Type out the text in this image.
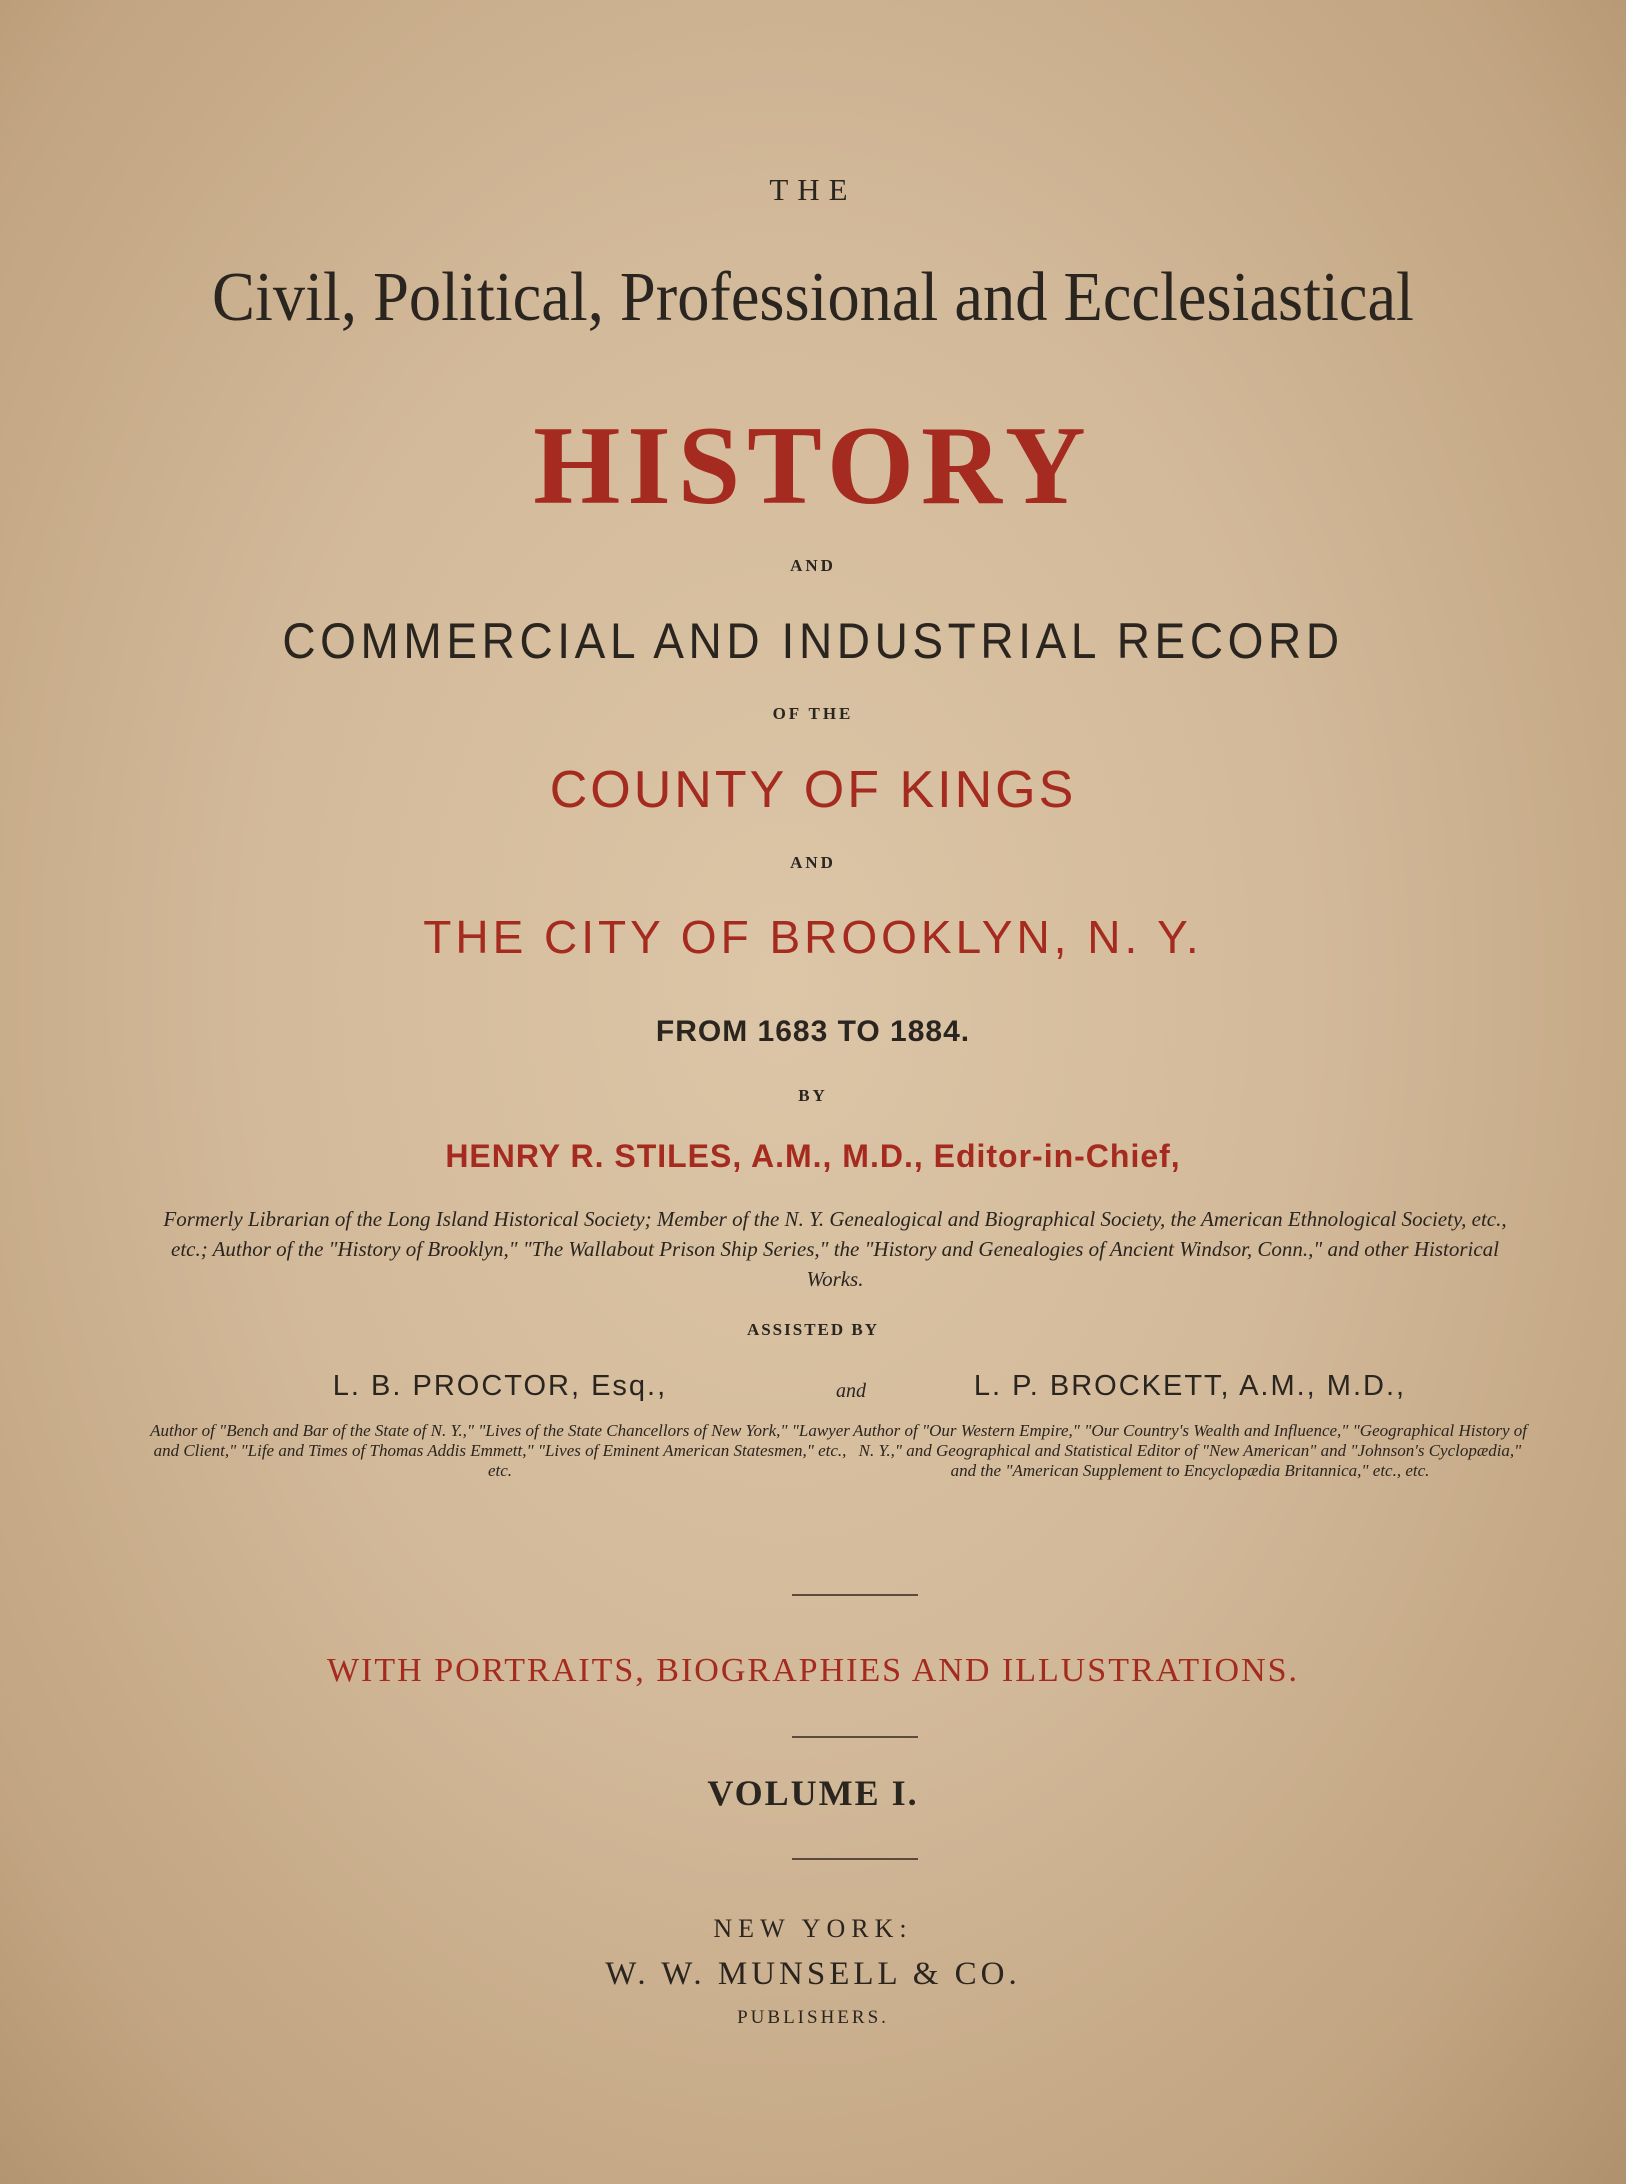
THE
Civil, Political, Professional and Ecclesiastical
HISTORY
AND
COMMERCIAL AND INDUSTRIAL RECORD
OF THE
COUNTY OF KINGS
AND
THE CITY OF BROOKLYN, N. Y.
FROM 1683 TO 1884.
BY
HENRY R. STILES, A.M., M.D., Editor-in-Chief,
Formerly Librarian of the Long Island Historical Society; Member of the N. Y. Genealogical and Biographical Society, the American Ethnological Society, etc., etc.; Author of the "History of Brooklyn," "The Wallabout Prison Ship Series," the "History and Genealogies of Ancient Windsor, Conn.," and other Historical Works.
ASSISTED BY
L. B. PROCTOR, Esq.,
Author of "Bench and Bar of the State of N. Y.," "Lives of the State Chancellors of New York," "Lawyer and Client," "Life and Times of Thomas Addis Emmett," "Lives of Eminent American Statesmen," etc., etc.
and	L. P. BROCKETT, A.M., M.D.,
Author of "Our Western Empire," "Our Country's Wealth and Influence," "Geographical History of N. Y.," and Geographical and Statistical Editor of "New American" and "Johnson's Cyclopædia," and the "American Supplement to Encyclopædia Britannica," etc., etc.
WITH PORTRAITS, BIOGRAPHIES AND ILLUSTRATIONS.
VOLUME I.
NEW YORK:
W. W. MUNSELL & CO.
PUBLISHERS.
